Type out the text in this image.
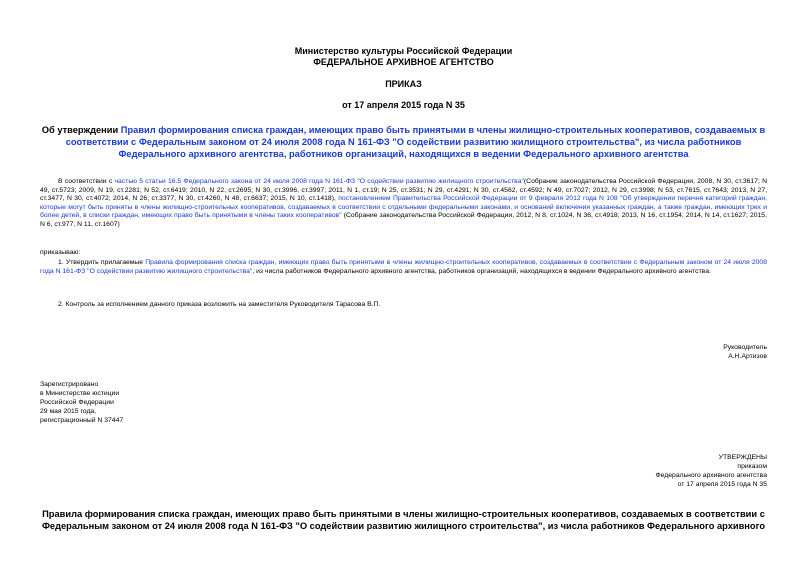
Министерство культуры Российской Федерации
ФЕДЕРАЛЬНОЕ АРХИВНОЕ АГЕНТСТВО
ПРИКАЗ
от 17 апреля 2015 года N 35
Об утверждении Правил формирования списка граждан, имеющих право быть принятыми в члены жилищно-строительных кооперативов, создаваемых в соответствии с Федеральным законом от 24 июля 2008 года N 161-ФЗ "О содействии развитию жилищного строительства", из числа работников Федерального архивного агентства, работников организаций, находящихся в ведении Федерального архивного агентства
В соответствии с частью 5 статьи 16.5 Федерального закона от 24 июля 2008 года N 161-ФЗ "О содействии развитию жилищного строительства"(Собрание законодательства Российской Федерации, 2008, N 30, ст.3617; N 49, ст.5723; 2009, N 19, ст.2281; N 52, ст.6419; 2010, N 22, ст.2695; N 30, ст.3996, ст.3997; 2011, N 1, ст.19; N 25, ст.3531; N 29, ст.4291; N 30, ст.4562, ст.4592; N 49, ст.7027; 2012, N 29, ст.3998; N 53, ст.7615, ст.7643; 2013, N 27, ст.3477, N 30, ст.4072; 2014, N 26, ст.3377, N 30, ст.4260, N 48, ст.6637; 2015, N 10, ст.1418), постановлением Правительства Российской Федерации от 9 февраля 2012 года N 108 "Об утверждении перечня категорий граждан, которые могут быть приняты в члены жилищно-строительных кооперативов, создаваемых в соответствии с отдельными федеральными законами, и оснований включения указанных граждан, а также граждан, имеющих трех и более детей, в списки граждан, имеющих право быть принятыми в члены таких кооперативов" (Собрание законодательства Российской Федерации, 2012, N 8, ст.1024, N 36, ст.4918; 2013, N 16, ст.1954; 2014, N 14, ст.1627; 2015, N 6, ст.977, N 11, ст.1607)
приказываю:
1. Утвердить прилагаемые Правила формирования списка граждан, имеющих право быть принятыми в члены жилищно-строительных кооперативов, создаваемых в соответствии с Федеральным законом от 24 июля 2008 года N 161-ФЗ "О содействии развитию жилищного строительства", из числа работников Федерального архивного агентства, работников организаций, находящихся в ведении Федерального архивного агентства.
2. Контроль за исполнением данного приказа возложить на заместителя Руководителя Тарасова В.П.
Руководитель
А.Н.Артизов
Зарегистрировано
в Министерстве юстиции
Российской Федерации
29 мая 2015 года,
регистрационный N 37447
УТВЕРЖДЕНЫ
приказом
Федерального архивного агентства
от 17 апреля 2015 года N 35
Правила формирования списка граждан, имеющих право быть принятыми в члены жилищно-строительных кооперативов, создаваемых в соответствии с Федеральным законом от 24 июля 2008 года N 161-ФЗ "О содействии развитию жилищного строительства", из числа работников Федерального архивного
